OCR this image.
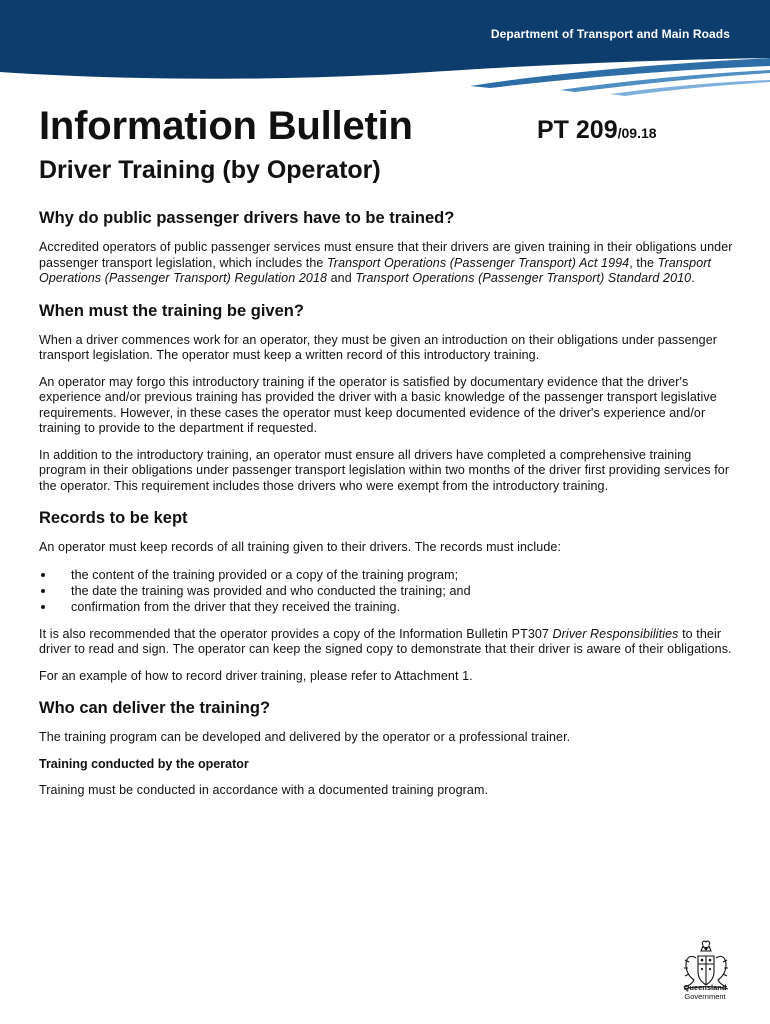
Department of Transport and Main Roads
Information Bulletin	PT 209/09.18
Driver Training (by Operator)
Why do public passenger drivers have to be trained?

Accredited operators of public passenger services must ensure that their drivers are given training in their obligations under passenger transport legislation, which includes the Transport Operations (Passenger Transport) Act 1994, the Transport Operations (Passenger Transport) Regulation 2018 and Transport Operations (Passenger Transport) Standard 2010.

When must the training be given?

When a driver commences work for an operator, they must be given an introduction on their obligations under passenger transport legislation. The operator must keep a written record of this introductory training.

An operator may forgo this introductory training if the operator is satisfied by documentary evidence that the driver's experience and/or previous training has provided the driver with a basic knowledge of the passenger transport legislative requirements. However, in these cases the operator must keep documented evidence of the driver's experience and/or training to provide to the department if requested.

In addition to the introductory training, an operator must ensure all drivers have completed a comprehensive training program in their obligations under passenger transport legislation within two months of the driver first providing services for the operator. This requirement includes those drivers who were exempt from the introductory training.

Records to be kept

An operator must keep records of all training given to their drivers. The records must include:

the content of the training provided or a copy of the training program;
the date the training was provided and who conducted the training; and
confirmation from the driver that they received the training.

It is also recommended that the operator provides a copy of the Information Bulletin PT307 Driver Responsibilities to their driver to read and sign. The operator can keep the signed copy to demonstrate that their driver is aware of their obligations.

For an example of how to record driver training, please refer to Attachment 1.

Who can deliver the training?

The training program can be developed and delivered by the operator or a professional trainer.

Training conducted by the operator

Training must be conducted in accordance with a documented training program.

Queensland
Government
